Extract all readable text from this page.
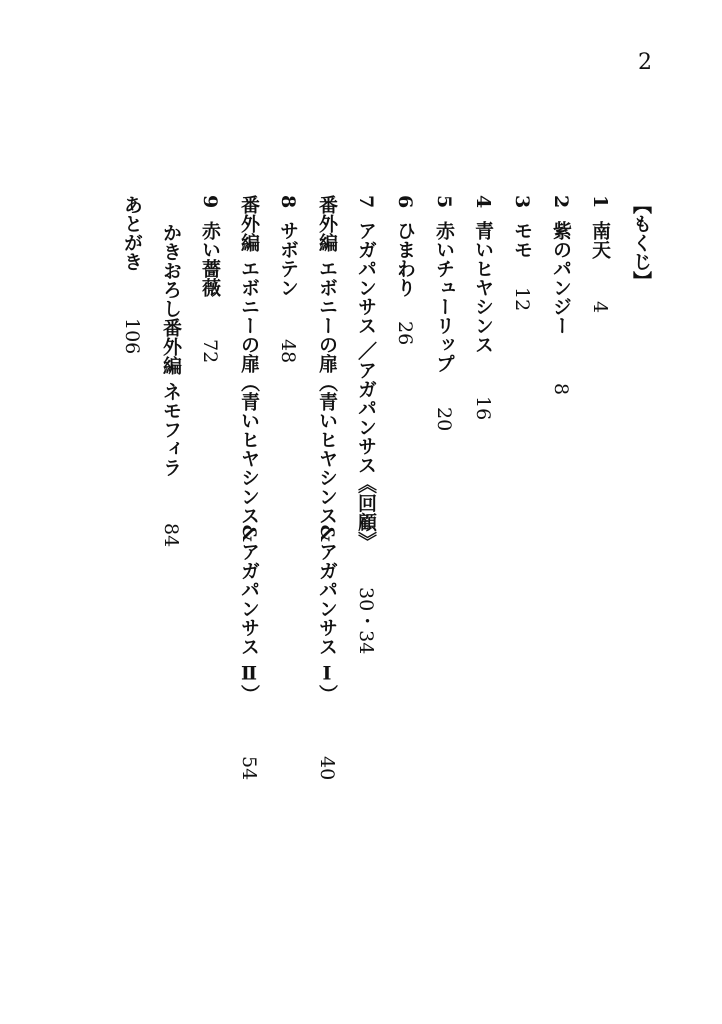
2
【もくじ】
1 南天 4
2 紫のパンジー 8
3 モモ 12
4 青いヒヤシンス 16
5 赤いチューリップ 20
6 ひまわり 26
7 アガパンサス ／アガパンサス《回顧》 30・34
番外編 エボニーの扉（青いヒヤシンス&アガパンサス Ⅰ） 40
8 サボテン 48
番外編 エボニーの扉（青いヒヤシンス&アガパンサス Ⅱ） 54
9 赤い薔薇 72
かきおろし番外編 ネモフィラ 84
あとがき 106
